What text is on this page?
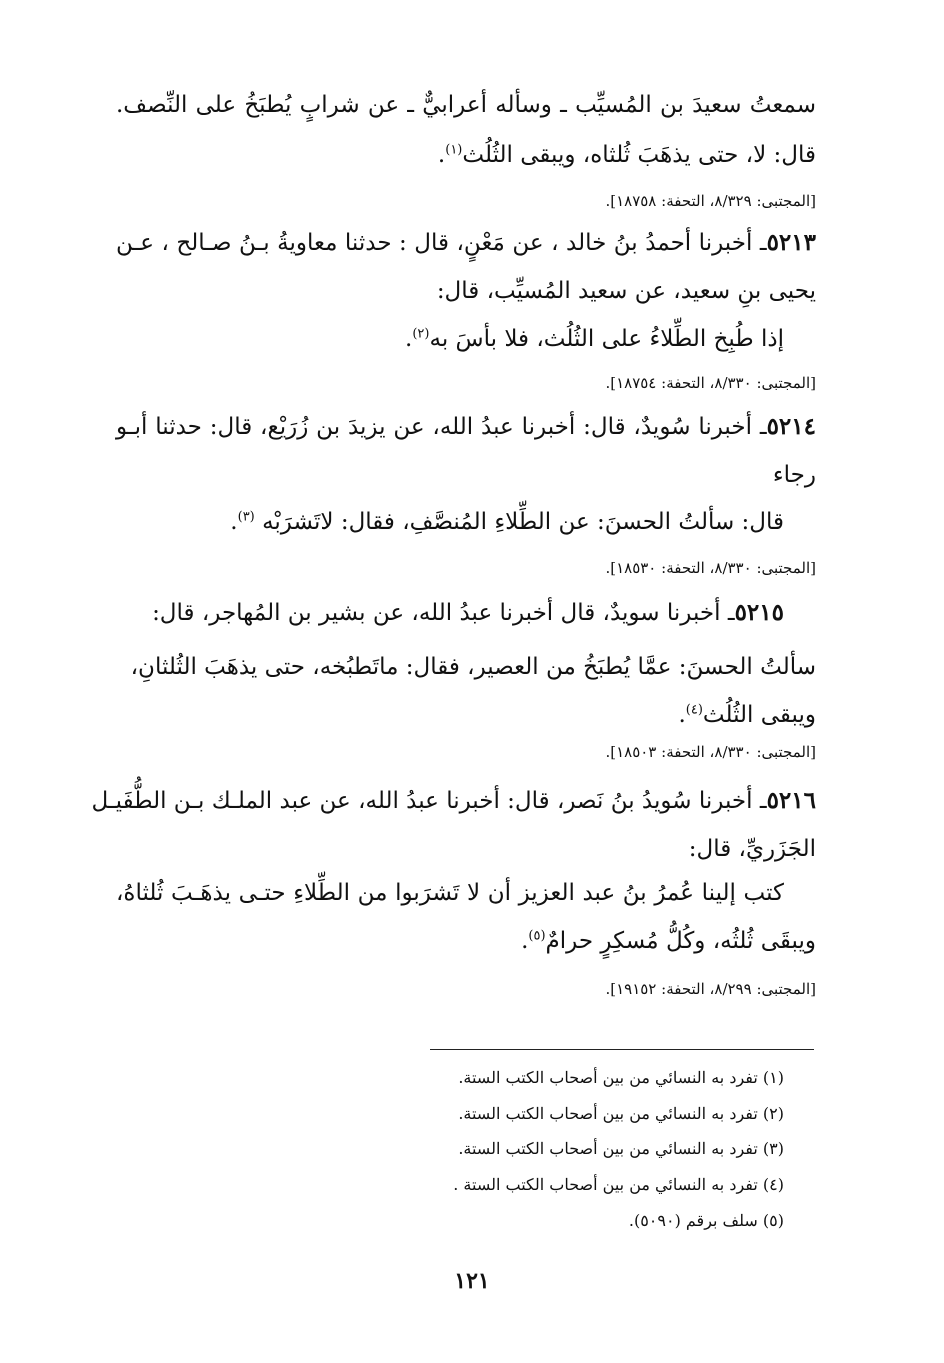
سمعتُ سعيدَ بن المُسيِّب ـ وسأله أعرابيٌّ ـ عن شرابٍ يُطبَخُ على النِّصف.
قال: لا، حتى يذهَبَ ثُلثاه، ويبقى الثُلُث$^{(١)}$.
[المجتبى: ٨/٣٢٩، التحفة: ١٨٧٥٨].
٥٢١٣ـ أخبرنا أحمدُ بنُ خالد ، عن مَعْنٍ، قال : حدثنا معاويةُ بـنُ صـالح ، عـن
يحيى بنِ سعيد، عن سعيد المُسيِّب، قال:
إذا طُبِخ الطِّلاءُ على الثُلُث، فلا بأسَ به$^{(٢)}$.
[المجتبى: ٨/٣٣٠، التحفة: ١٨٧٥٤].
٥٢١٤ـ أخبرنا سُويدٌ، قال: أخبرنا عبدُ الله، عن يزيدَ بن زُرَيْع، قال: حدثنا أبـو
رجاء
قال: سألتُ الحسنَ: عن الطِّلاءِ المُنصَّفِ، فقال: لاتَشرَبْه $^{(٣)}$.
[المجتبى: ٨/٣٣٠، التحفة: ١٨٥٣٠].
٥٢١٥ـ أخبرنا سويدٌ، قال أخبرنا عبدُ الله، عن بشير بن المُهاجر، قال:
سألتُ الحسنَ: عمَّا يُطبَخُ من العصير، فقال: ماتَطبُخه، حتى يذهَبَ الثُلثانِ،
ويبقى الثُلُث$^{(٤)}$.
[المجتبى: ٨/٣٣٠، التحفة: ١٨٥٠٣].
٥٢١٦ـ أخبرنا سُويدُ بنُ نَصر، قال: أخبرنا عبدُ الله، عن عبد الملـك بـن الطُّفَيـل
الجَزَريِّ، قال:
كتب إلينا عُمرُ بنُ عبد العزيز أن لا تَشرَبوا من الطِّلاءِ حتـى يذهَـبَ ثُلثاهُ،
ويبقَى ثُلثُه، وكُلُّ مُسكِرٍ حرامٌ$^{(٥)}$.
[المجتبى: ٨/٢٩٩، التحفة: ١٩١٥٢].
(١) تفرد به النسائي من بين أصحاب الكتب الستة.
(٢) تفرد به النسائي من بين أصحاب الكتب الستة.
(٣) تفرد به النسائي من بين أصحاب الكتب الستة.
(٤) تفرد به النسائي من بين أصحاب الكتب الستة .
(٥) سلف برقم (٥٠٩٠).
١٢١
